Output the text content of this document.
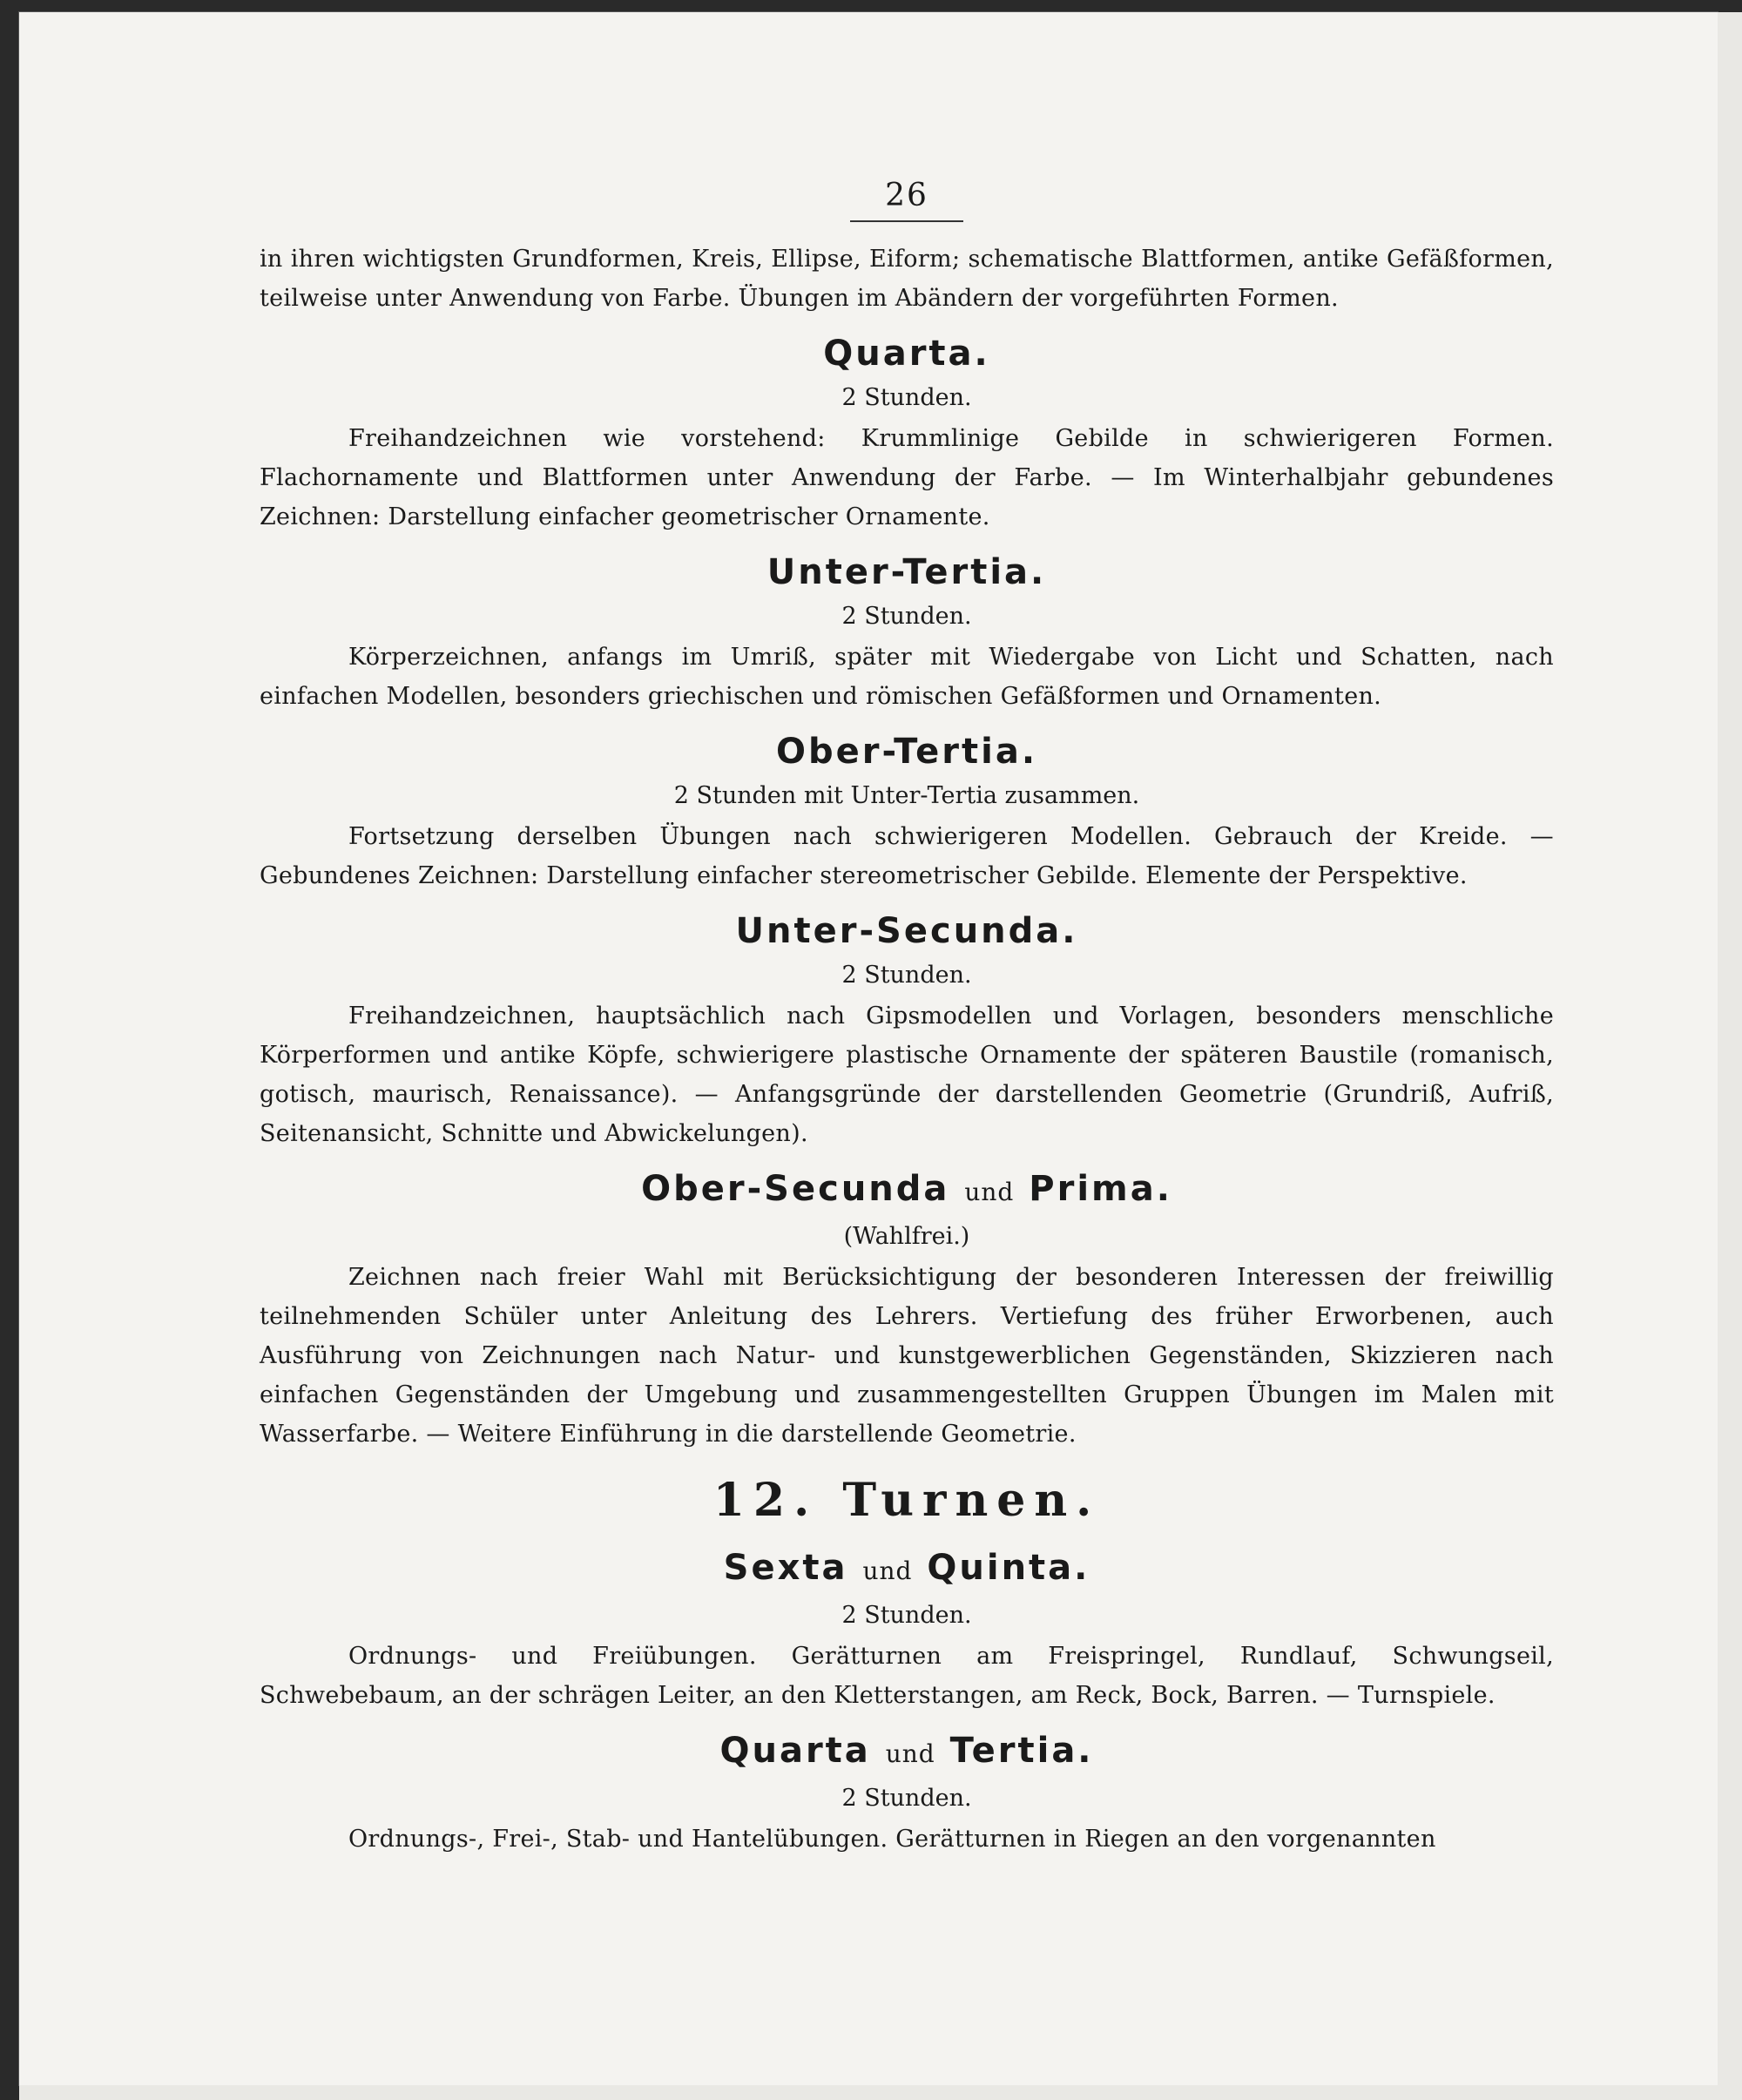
26

in ihren wichtigsten Grundformen, Kreis, Ellipse, Eiform; schematische Blattformen, antike Gefäßformen, teilweise unter Anwendung von Farbe. Übungen im Abändern der vorgeführten Formen.

Quarta.
2 Stunden.

Freihandzeichnen wie vorstehend: Krummlinige Gebilde in schwierigeren Formen. Flachornamente und Blattformen unter Anwendung der Farbe. — Im Winterhalbjahr gebundenes Zeichnen: Darstellung einfacher geometrischer Ornamente.

Unter-Tertia.
2 Stunden.

Körperzeichnen, anfangs im Umriß, später mit Wiedergabe von Licht und Schatten, nach einfachen Modellen, besonders griechischen und römischen Gefäßformen und Ornamenten.

Ober-Tertia.
2 Stunden mit Unter-Tertia zusammen.

Fortsetzung derselben Übungen nach schwierigeren Modellen. Gebrauch der Kreide. — Gebundenes Zeichnen: Darstellung einfacher stereometrischer Gebilde. Elemente der Perspektive.

Unter-Secunda.
2 Stunden.

Freihandzeichnen, hauptsächlich nach Gipsmodellen und Vorlagen, besonders menschliche Körperformen und antike Köpfe, schwierigere plastische Ornamente der späteren Baustile (romanisch, gotisch, maurisch, Renaissance). — Anfangsgründe der darstellenden Geometrie (Grundriß, Aufriß, Seitenansicht, Schnitte und Abwickelungen).

Ober-Secunda und Prima.
(Wahlfrei.)

Zeichnen nach freier Wahl mit Berücksichtigung der besonderen Interessen der freiwillig teilnehmenden Schüler unter Anleitung des Lehrers. Vertiefung des früher Erworbenen, auch Ausführung von Zeichnungen nach Natur- und kunstgewerblichen Gegenständen, Skizzieren nach einfachen Gegenständen der Umgebung und zusammengestellten Gruppen Übungen im Malen mit Wasserfarbe. — Weitere Einführung in die darstellende Geometrie.

12. Turnen.
Sexta und Quinta.
2 Stunden.

Ordnungs- und Freiübungen. Gerätturnen am Freispringel, Rundlauf, Schwungseil, Schwebebaum, an der schrägen Leiter, an den Kletterstangen, am Reck, Bock, Barren. — Turnspiele.

Quarta und Tertia.
2 Stunden.

Ordnungs-, Frei-, Stab- und Hantelübungen. Gerätturnen in Riegen an den vorgenannten
